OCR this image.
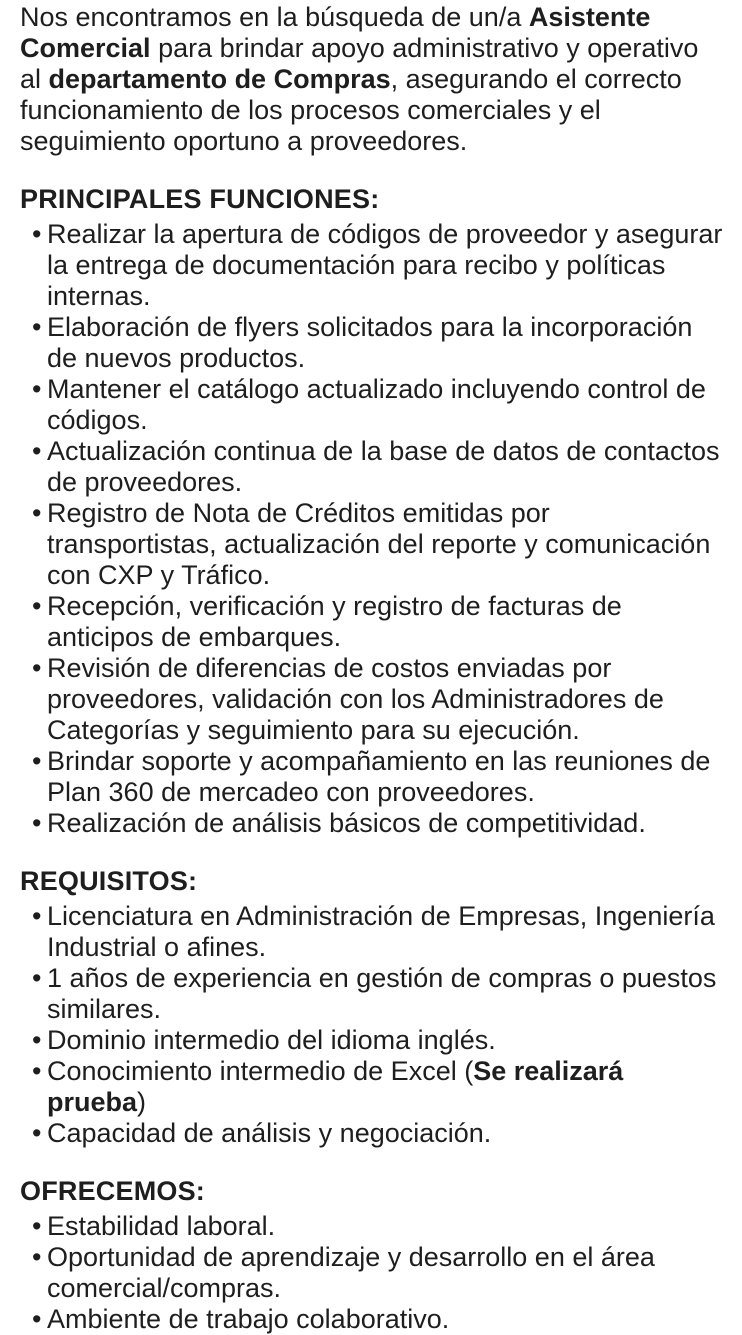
Nos encontramos en la búsqueda de un/a Asistente Comercial para brindar apoyo administrativo y operativo al departamento de Compras, asegurando el correcto funcionamiento de los procesos comerciales y el seguimiento oportuno a proveedores.

PRINCIPALES FUNCIONES:
• Realizar la apertura de códigos de proveedor y asegurar la entrega de documentación para recibo y políticas internas.
• Elaboración de flyers solicitados para la incorporación de nuevos productos.
• Mantener el catálogo actualizado incluyendo control de códigos.
• Actualización continua de la base de datos de contactos de proveedores.
• Registro de Nota de Créditos emitidas por transportistas, actualización del reporte y comunicación con CXP y Tráfico.
• Recepción, verificación y registro de facturas de anticipos de embarques.
• Revisión de diferencias de costos enviadas por proveedores, validación con los Administradores de Categorías y seguimiento para su ejecución.
• Brindar soporte y acompañamiento en las reuniones de Plan 360 de mercadeo con proveedores.
• Realización de análisis básicos de competitividad.
REQUISITOS:
• Licenciatura en Administración de Empresas, Ingeniería Industrial o afines.
• 1 años de experiencia en gestión de compras o puestos similares.
• Dominio intermedio del idioma inglés.
• Conocimiento intermedio de Excel (Se realizará prueba)
• Capacidad de análisis y negociación.
OFRECEMOS:
• Estabilidad laboral.
• Oportunidad de aprendizaje y desarrollo en el área comercial/compras.
• Ambiente de trabajo colaborativo.
